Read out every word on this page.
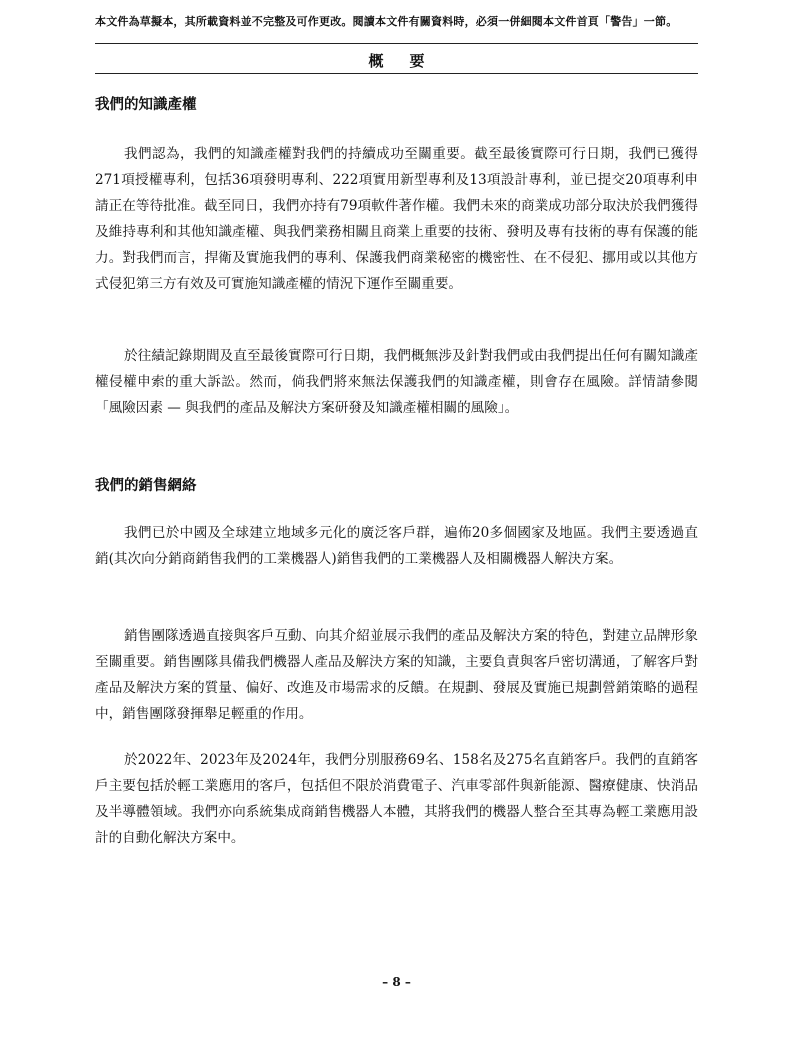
本文件為草擬本，其所載資料並不完整及可作更改。閱讀本文件有關資料時，必須一併細閱本文件首頁「警告」一節。
概要
我們的知識產權

我們認為，我們的知識產權對我們的持續成功至關重要。截至最後實際可行日期，我們已獲得271項授權專利，包括36項發明專利、222項實用新型專利及13項設計專利，並已提交20項專利申請正在等待批准。截至同日，我們亦持有79項軟件著作權。我們未來的商業成功部分取決於我們獲得及維持專利和其他知識產權、與我們業務相關且商業上重要的技術、發明及專有技術的專有保護的能力。對我們而言，捍衛及實施我們的專利、保護我們商業秘密的機密性、在不侵犯、挪用或以其他方式侵犯第三方有效及可實施知識產權的情況下運作至關重要。

於往績記錄期間及直至最後實際可行日期，我們概無涉及針對我們或由我們提出任何有關知識產權侵權申索的重大訴訟。然而，倘我們將來無法保護我們的知識產權，則會存在風險。詳情請參閱「風險因素 — 與我們的產品及解決方案研發及知識產權相關的風險」。

我們的銷售網絡

我們已於中國及全球建立地域多元化的廣泛客戶群，遍佈20多個國家及地區。我們主要透過直銷(其次向分銷商銷售我們的工業機器人)銷售我們的工業機器人及相關機器人解決方案。

銷售團隊透過直接與客戶互動、向其介紹並展示我們的產品及解決方案的特色，對建立品牌形象至關重要。銷售團隊具備我們機器人產品及解決方案的知識，主要負責與客戶密切溝通，了解客戶對產品及解決方案的質量、偏好、改進及市場需求的反饋。在規劃、發展及實施已規劃營銷策略的過程中，銷售團隊發揮舉足輕重的作用。

於2022年、2023年及2024年，我們分別服務69名、158名及275名直銷客戶。我們的直銷客戶主要包括於輕工業應用的客戶，包括但不限於消費電子、汽車零部件與新能源、醫療健康、快消品及半導體領域。我們亦向系統集成商銷售機器人本體，其將我們的機器人整合至其專為輕工業應用設計的自動化解決方案中。

– 8 –
